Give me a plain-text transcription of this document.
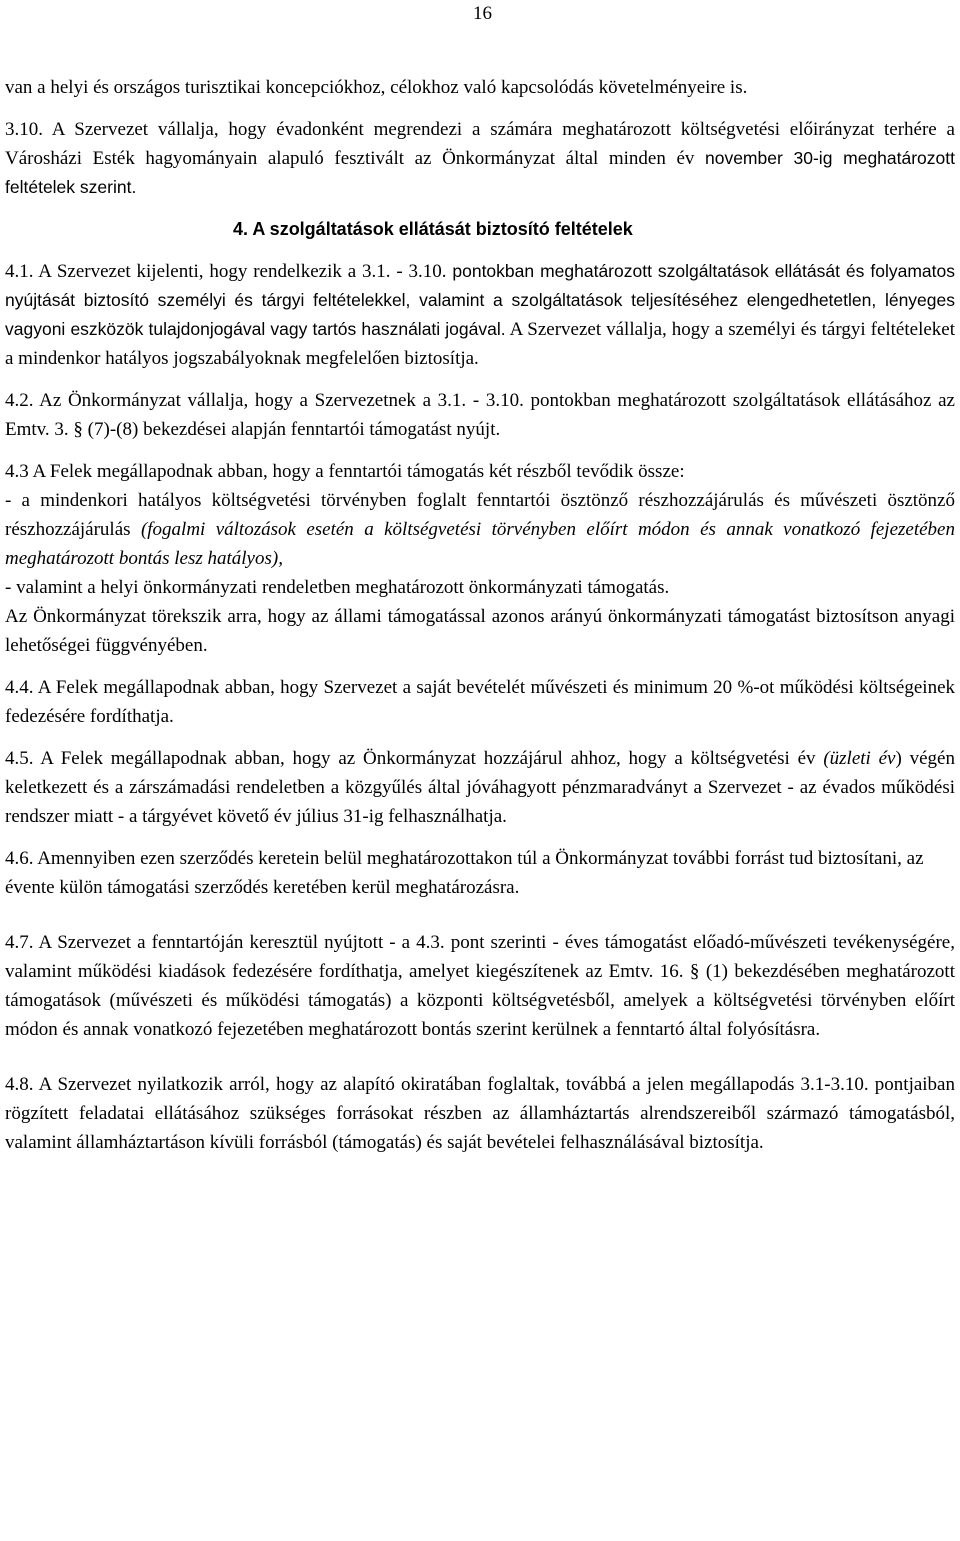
16

van a helyi és országos turisztikai koncepciókhoz, célokhoz való kapcsolódás követelményeire is.

3.10. A Szervezet vállalja, hogy évadonként megrendezi a számára meghatározott költségvetési előirányzat terhére a Városházi Esték hagyományain alapuló fesztivált az Önkormányzat által minden év november 30-ig meghatározott feltételek szerint.

4. A szolgáltatások ellátását biztosító feltételek

4.1. A Szervezet kijelenti, hogy rendelkezik a 3.1. - 3.10. pontokban meghatározott szolgáltatások ellátását és folyamatos nyújtását biztosító személyi és tárgyi feltételekkel, valamint a szolgáltatások teljesítéséhez elengedhetetlen, lényeges vagyoni eszközök tulajdonjogával vagy tartós használati jogával. A Szervezet vállalja, hogy a személyi és tárgyi feltételeket a mindenkor hatályos jogszabályoknak megfelelően biztosítja.

4.2. Az Önkormányzat vállalja, hogy a Szervezetnek a 3.1. - 3.10. pontokban meghatározott szolgáltatások ellátásához az Emtv. 3. § (7)-(8) bekezdései alapján fenntartói támogatást nyújt.

4.3 A Felek megállapodnak abban, hogy a fenntartói támogatás két részből tevődik össze:

- a mindenkori hatályos költségvetési törvényben foglalt fenntartói ösztönző részhozzájárulás és művészeti ösztönző részhozzájárulás (fogalmi változások esetén a költségvetési törvényben előírt módon és annak vonatkozó fejezetében meghatározott bontás lesz hatályos),

- valamint a helyi önkormányzati rendeletben meghatározott önkormányzati támogatás.

Az Önkormányzat törekszik arra, hogy az állami támogatással azonos arányú önkormányzati támogatást biztosítson anyagi lehetőségei függvényében.

4.4. A Felek megállapodnak abban, hogy Szervezet a saját bevételét művészeti és minimum 20 %-ot működési költségeinek fedezésére fordíthatja.

4.5. A Felek megállapodnak abban, hogy az Önkormányzat hozzájárul ahhoz, hogy a költségvetési év (üzleti év) végén keletkezett és a zárszámadási rendeletben a közgyűlés által jóváhagyott pénzmaradványt a Szervezet - az évados működési rendszer miatt - a tárgyévet követő év július 31-ig felhasználhatja.

4.6. Amennyiben ezen szerződés keretein belül meghatározottakon túl a Önkormányzat további forrást tud biztosítani, az évente külön támogatási szerződés keretében kerül meghatározásra.

4.7. A Szervezet a fenntartóján keresztül nyújtott - a 4.3. pont szerinti - éves támogatást előadó-művészeti tevékenységére, valamint működési kiadások fedezésére fordíthatja, amelyet kiegészítenek az Emtv. 16. § (1) bekezdésében meghatározott támogatások (művészeti és működési támogatás) a központi költségvetésből, amelyek a költségvetési törvényben előírt módon és annak vonatkozó fejezetében meghatározott bontás szerint kerülnek a fenntartó által folyósításra.

4.8. A Szervezet nyilatkozik arról, hogy az alapító okiratában foglaltak, továbbá a jelen megállapodás 3.1-3.10. pontjaiban rögzített feladatai ellátásához szükséges forrásokat részben az államháztartás alrendszereiből származó támogatásból, valamint államháztartáson kívüli forrásból (támogatás) és saját bevételei felhasználásával biztosítja.
